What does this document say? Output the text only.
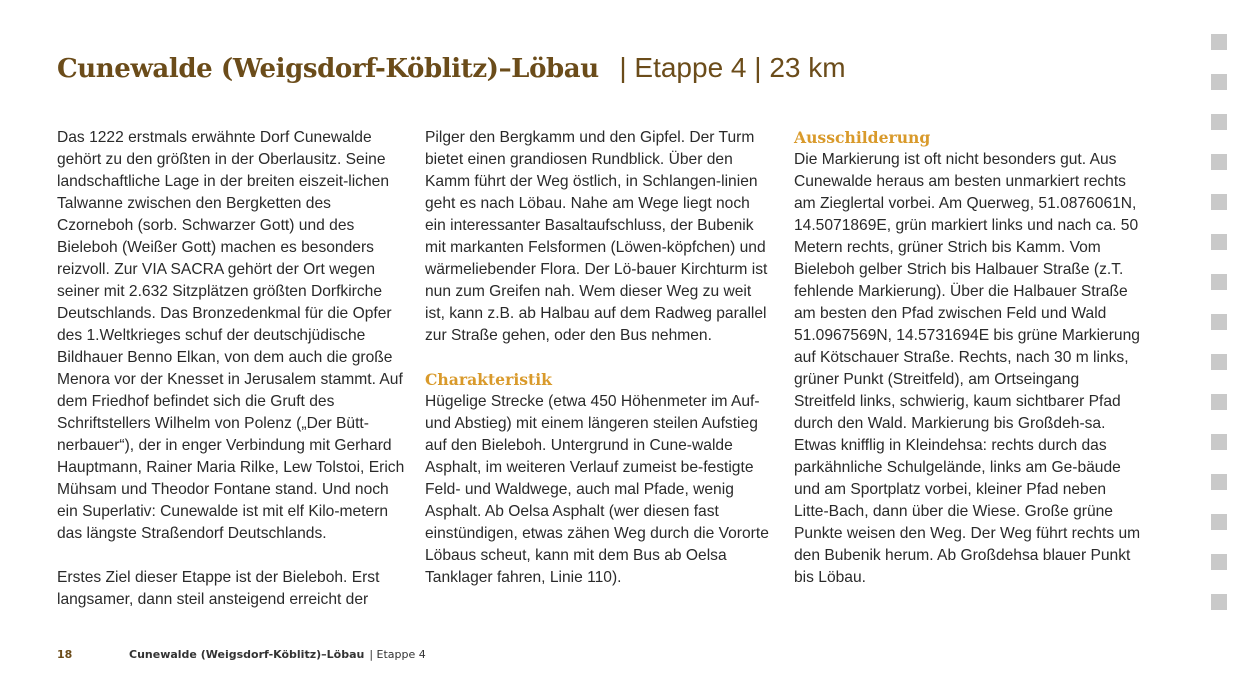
Cunewalde (Weigsdorf-Köblitz)–Löbau | Etappe 4 | 23 km

Das 1222 erstmals erwähnte Dorf Cunewalde gehört zu den größten in der Oberlausitz. Seine landschaftliche Lage in der breiten eiszeit-lichen Talwanne zwischen den Bergketten des Czorneboh (sorb. Schwarzer Gott) und des Bieleboh (Weißer Gott) machen es besonders reizvoll. Zur VIA SACRA gehört der Ort wegen seiner mit 2.632 Sitzplätzen größten Dorfkirche Deutschlands. Das Bronzedenkmal für die Opfer des 1.Weltkrieges schuf der deutschjüdische Bildhauer Benno Elkan, von dem auch die große Menora vor der Knesset in Jerusalem stammt. Auf dem Friedhof befindet sich die Gruft des Schriftstellers Wilhelm von Polenz („Der Bütt-nerbauer“), der in enger Verbindung mit Gerhard Hauptmann, Rainer Maria Rilke, Lew Tolstoi, Erich Mühsam und Theodor Fontane stand. Und noch ein Superlativ: Cunewalde ist mit elf Kilo-metern das längste Straßendorf Deutschlands.

Erstes Ziel dieser Etappe ist der Bieleboh. Erst langsamer, dann steil ansteigend erreicht der

Pilger den Bergkamm und den Gipfel. Der Turm bietet einen grandiosen Rundblick. Über den Kamm führt der Weg östlich, in Schlangen-linien geht es nach Löbau. Nahe am Wege liegt noch ein interessanter Basaltaufschluss, der Bubenik mit markanten Felsformen (Löwen-köpfchen) und wärmeliebender Flora. Der Lö-bauer Kirchturm ist nun zum Greifen nah. Wem dieser Weg zu weit ist, kann z.B. ab Halbau auf dem Radweg parallel zur Straße gehen, oder den Bus nehmen.

Charakteristik

Hügelige Strecke (etwa 450 Höhenmeter im Auf- und Abstieg) mit einem längeren steilen Aufstieg auf den Bieleboh. Untergrund in Cune-walde Asphalt, im weiteren Verlauf zumeist be-festigte Feld- und Waldwege, auch mal Pfade, wenig Asphalt. Ab Oelsa Asphalt (wer diesen fast einstündigen, etwas zähen Weg durch die Vororte Löbaus scheut, kann mit dem Bus ab Oelsa Tanklager fahren, Linie 110).

Ausschilderung

Die Markierung ist oft nicht besonders gut. Aus Cunewalde heraus am besten unmarkiert rechts am Zieglertal vorbei. Am Querweg, 51.0876061N, 14.5071869E, grün markiert links und nach ca. 50 Metern rechts, grüner Strich bis Kamm. Vom Bieleboh gelber Strich bis Halbauer Straße (z.T. fehlende Markierung). Über die Halbauer Straße am besten den Pfad zwischen Feld und Wald 51.0967569N, 14.5731694E bis grüne Markierung auf Kötschauer Straße. Rechts, nach 30 m links, grüner Punkt (Streitfeld), am Ortseingang Streitfeld links, schwierig, kaum sichtbarer Pfad durch den Wald. Markierung bis Großdeh-sa. Etwas knifflig in Kleindehsa: rechts durch das parkähnliche Schulgelände, links am Ge-bäude und am Sportplatz vorbei, kleiner Pfad neben Litte-Bach, dann über die Wiese. Große grüne Punkte weisen den Weg. Der Weg führt rechts um den Bubenik herum. Ab Großdehsa blauer Punkt bis Löbau.

18	Cunewalde (Weigsdorf-Köblitz)–Löbau | Etappe 4
